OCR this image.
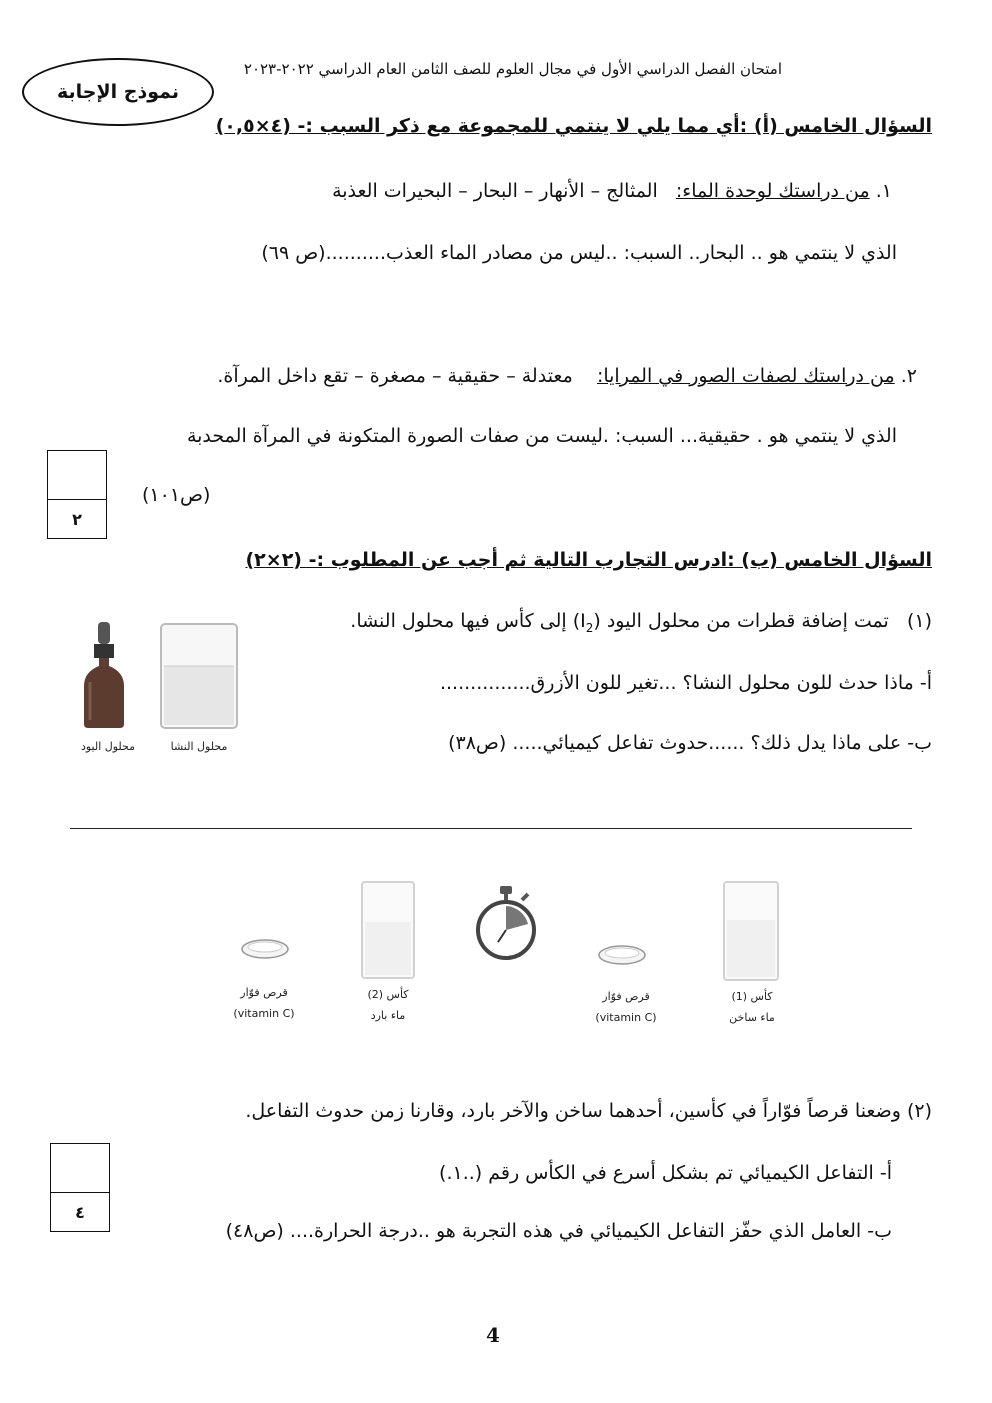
امتحان الفصل الدراسي الأول في مجال العلوم للصف الثامن العام الدراسي ٢٠٢٢-٢٠٢٣
نموذج الإجابة
السؤال الخامس (أ) :أي مما يلي لا ينتمي للمجموعة مع ذكر السبب :- (٤×٠,٥)
١. من دراستك لوحدة الماء:   المثالج – الأنهار – البحار – البحيرات العذبة
الذي لا ينتمي هو .. البحار.. السبب: ..ليس من مصادر الماء العذب..........(ص ٦٩)
٢. من دراستك لصفات الصور في المرايا:    معتدلة – حقيقية – مصغرة – تقع داخل المرآة.
الذي لا ينتمي هو . حقيقية... السبب: .ليست من صفات الصورة المتكونة في المرآة المحدبة
(ص١٠١)
٢
السؤال الخامس (ب) :ادرس التجارب التالية ثم أجب عن المطلوب :- (٢×٢)
(١)   تمت إضافة قطرات من محلول اليود $(I_2)$ إلى كأس فيها محلول النشا.
أ- ماذا حدث للون محلول النشا؟ ...تغير للون الأزرق...............
ب- على ماذا يدل ذلك؟ ......حدوث تفاعل كيميائي..... (ص٣٨)
محلول اليود	محلول النشا
كأس (1)
ماء ساخن
قرص فوّار
(vitamin C)
كأس (2)
ماء بارد
قرص فوّار
(vitamin C)
(٢) وضعنا قرصاً فوّاراً في كأسين، أحدهما ساخن والآخر بارد، وقارنا زمن حدوث التفاعل.
أ- التفاعل الكيميائي تم بشكل أسرع في الكأس رقم (..١.)
ب- العامل الذي حفّز التفاعل الكيميائي في هذه التجربة هو ..درجة الحرارة.... (ص٤٨)
٤
4
